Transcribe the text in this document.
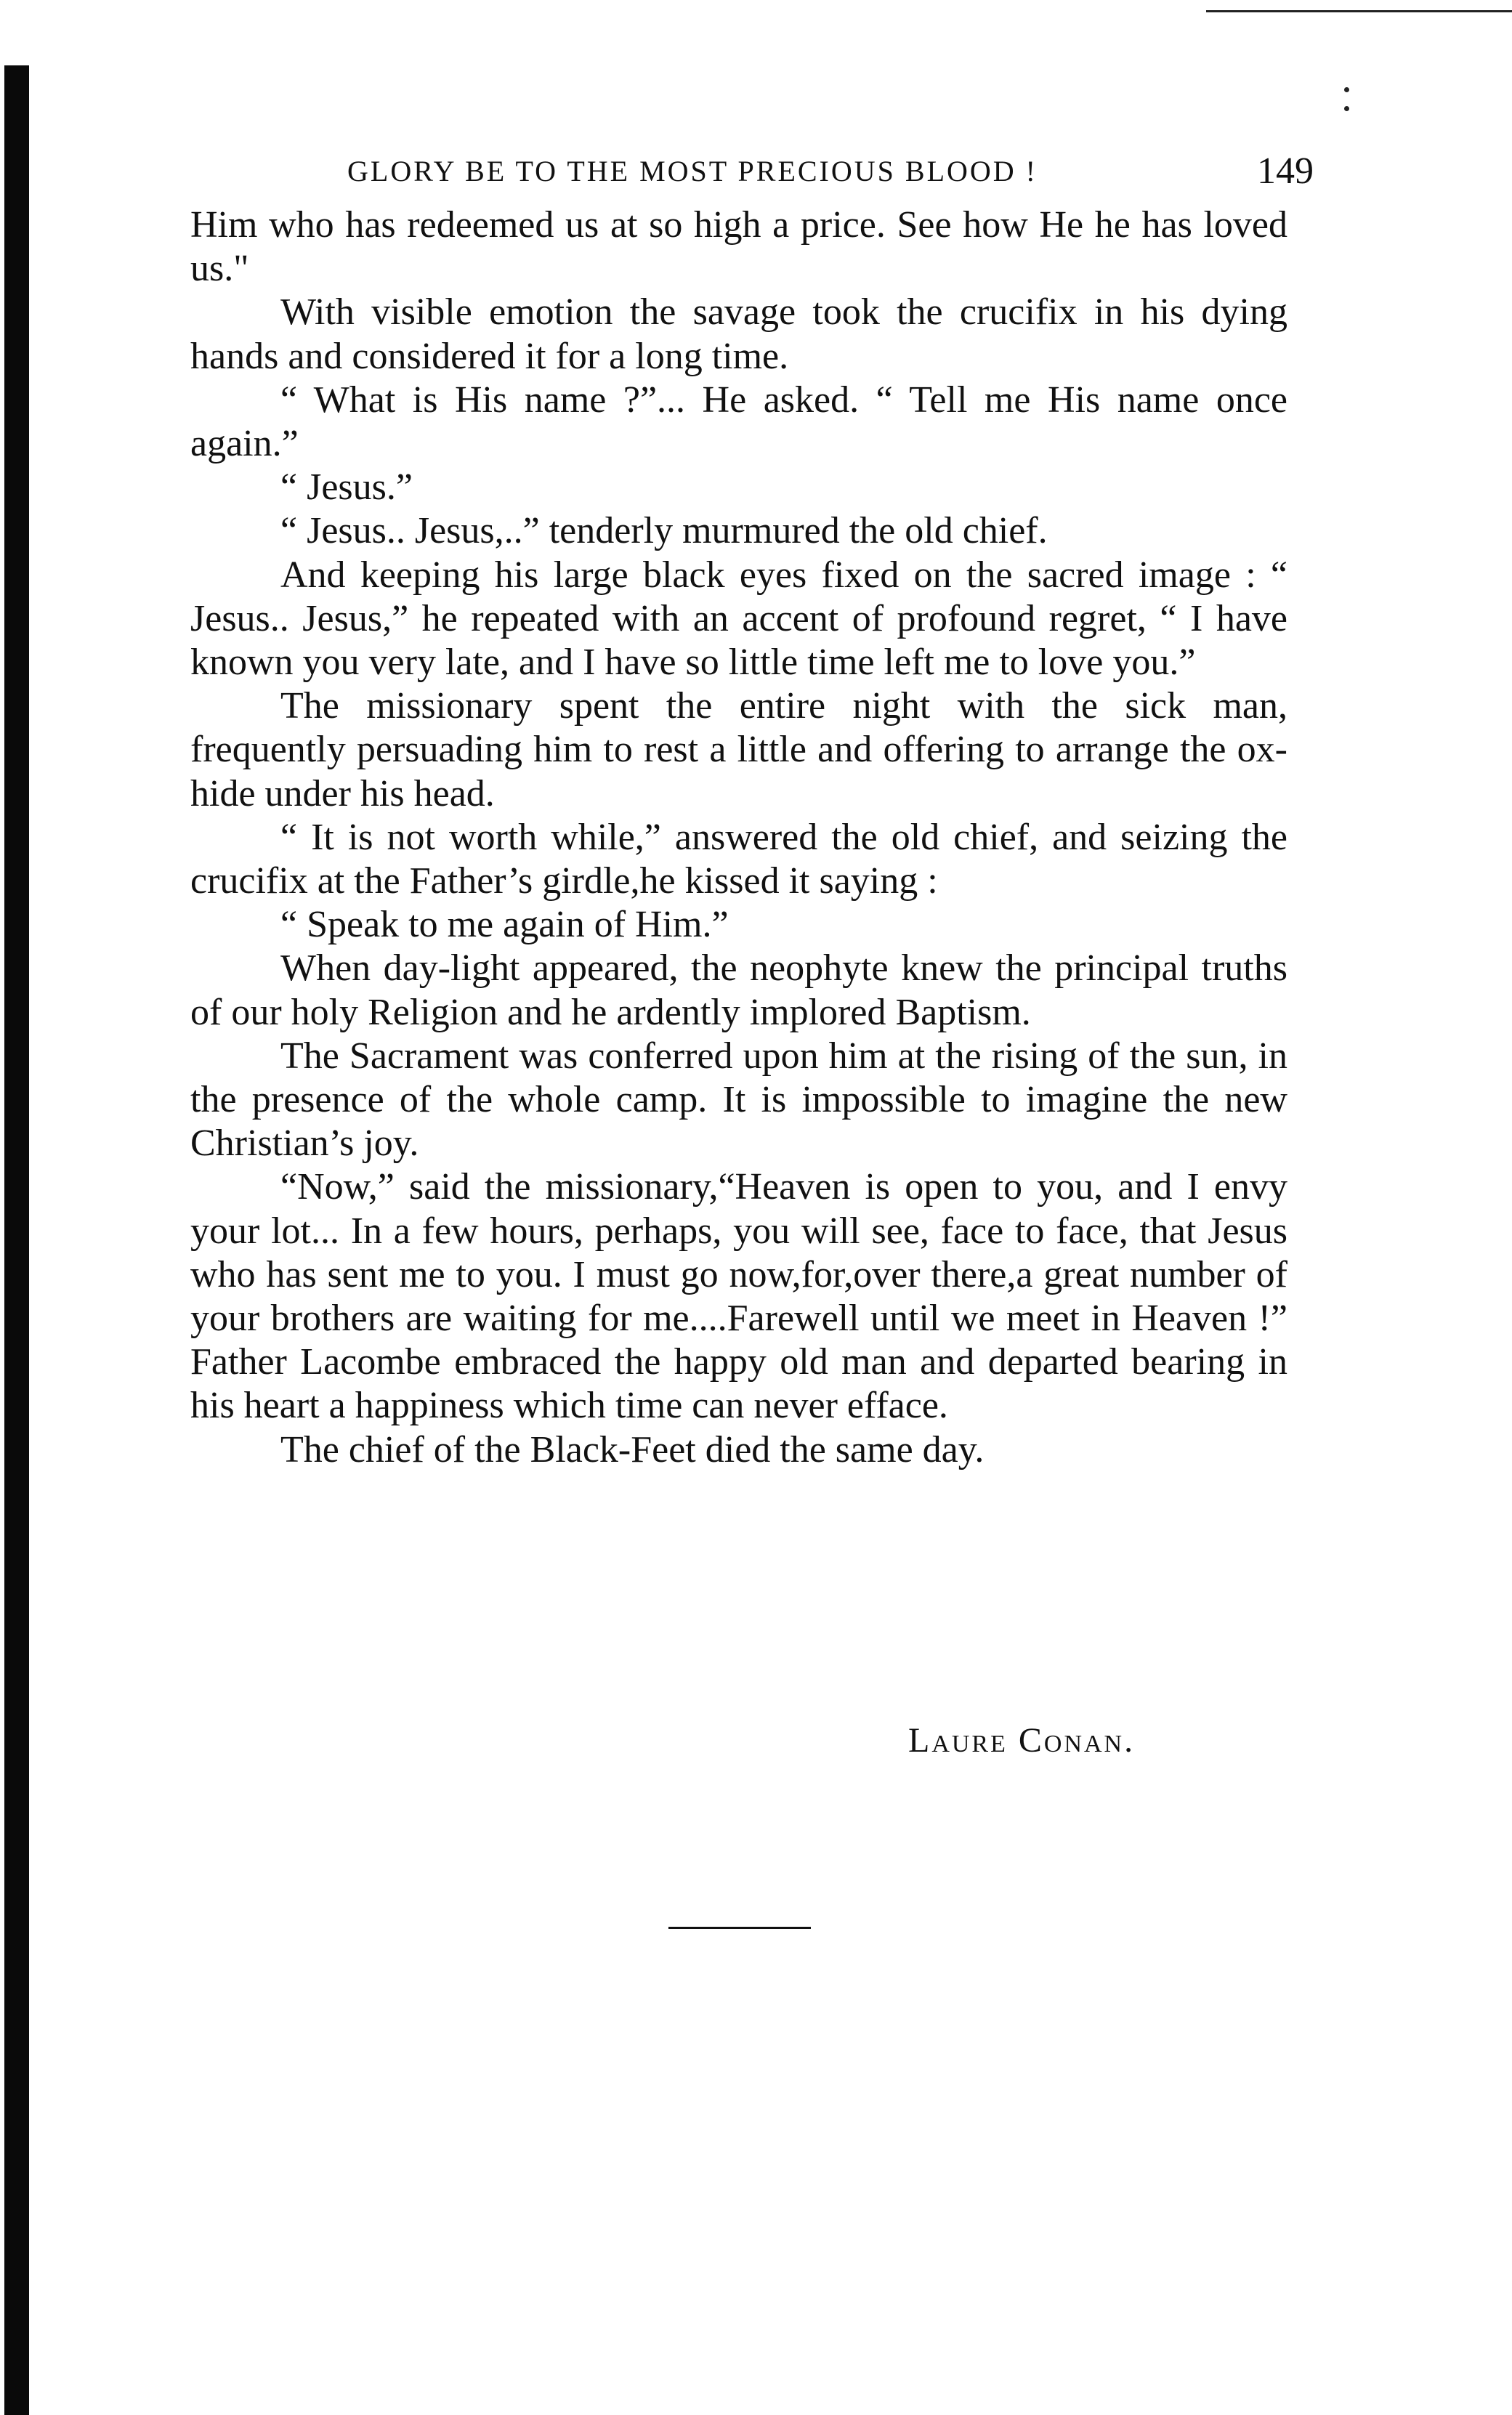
GLORY BE TO THE MOST PRECIOUS BLOOD !	149

Him who has redeemed us at so high a price. See how He he has loved us."

With visible emotion the savage took the crucifix in his dying hands and considered it for a long time.

“ What is His name ?”... He asked. “ Tell me His name once again.”

“ Jesus.”

“ Jesus.. Jesus,..” tenderly murmured the old chief.

And keeping his large black eyes fixed on the sacred image : “ Jesus.. Jesus,” he repeated with an accent of profound regret, “ I have known you very late, and I have so little time left me to love you.”

The missionary spent the entire night with the sick man, frequently persuading him to rest a little and offering to arrange the ox-hide under his head.

“ It is not worth while,” answered the old chief, and seizing the crucifix at the Father’s girdle,he kissed it saying :

“ Speak to me again of Him.”

When day-light appeared, the neophyte knew the principal truths of our holy Religion and he ardently implored Baptism.

The Sacrament was conferred upon him at the rising of the sun, in the presence of the whole camp. It is impossible to imagine the new Christian’s joy.

“Now,” said the missionary,“Heaven is open to you, and I envy your lot... In a few hours, perhaps, you will see, face to face, that Jesus who has sent me to you. I must go now,for,over there,a great number of your brothers are waiting for me....Farewell until we meet in Heaven !” Father Lacombe embraced the happy old man and departed bearing in his heart a happiness which time can never efface.

The chief of the Black-Feet died the same day.

Laure Conan.
